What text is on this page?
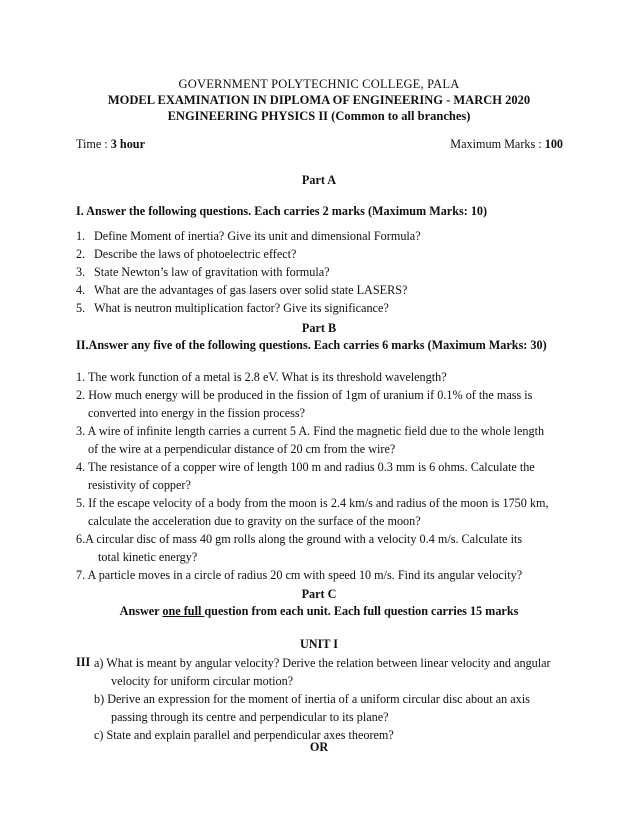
GOVERNMENT POLYTECHNIC COLLEGE, PALA
MODEL EXAMINATION IN DIPLOMA OF ENGINEERING - MARCH 2020
ENGINEERING PHYSICS II (Common to all branches)
Time : 3 hour	Maximum Marks : 100
Part A
I. Answer the following questions. Each carries 2 marks (Maximum Marks: 10)
1. Define Moment of inertia? Give its unit and dimensional Formula?
2. Describe the laws of photoelectric effect?
3. State Newton’s law of gravitation with formula?
4. What are the advantages of gas lasers over solid state LASERS?
5. What is neutron multiplication factor? Give its significance?
Part B
II.Answer any five of the following questions. Each carries 6 marks (Maximum Marks: 30)
1. The work function of a metal is 2.8 eV. What is its threshold wavelength?
2. How much energy will be produced in the fission of 1gm of uranium if 0.1% of the mass is
converted into energy in the fission process?
3. A wire of infinite length carries a current 5 A. Find the magnetic field due to the whole length
of the wire at a perpendicular distance of 20 cm from the wire?
4. The resistance of a copper wire of length 100 m and radius 0.3 mm is 6 ohms. Calculate the
resistivity of copper?
5. If the escape velocity of a body from the moon is 2.4 km/s and radius of the moon is 1750 km,
calculate the acceleration due to gravity on the surface of the moon?
6.A circular disc of mass 40 gm rolls along the ground with a velocity 0.4 m/s. Calculate its
total kinetic energy?
7. A particle moves in a circle of radius 20 cm with speed 10 m/s. Find its angular velocity?
Part C
Answer one full question from each unit. Each full question carries 15 marks
UNIT I
III a) What is meant by angular velocity? Derive the relation between linear velocity and angular
velocity for uniform circular motion?
b) Derive an expression for the moment of inertia of a uniform circular disc about an axis
passing through its centre and perpendicular to its plane?
c) State and explain parallel and perpendicular axes theorem?
OR
